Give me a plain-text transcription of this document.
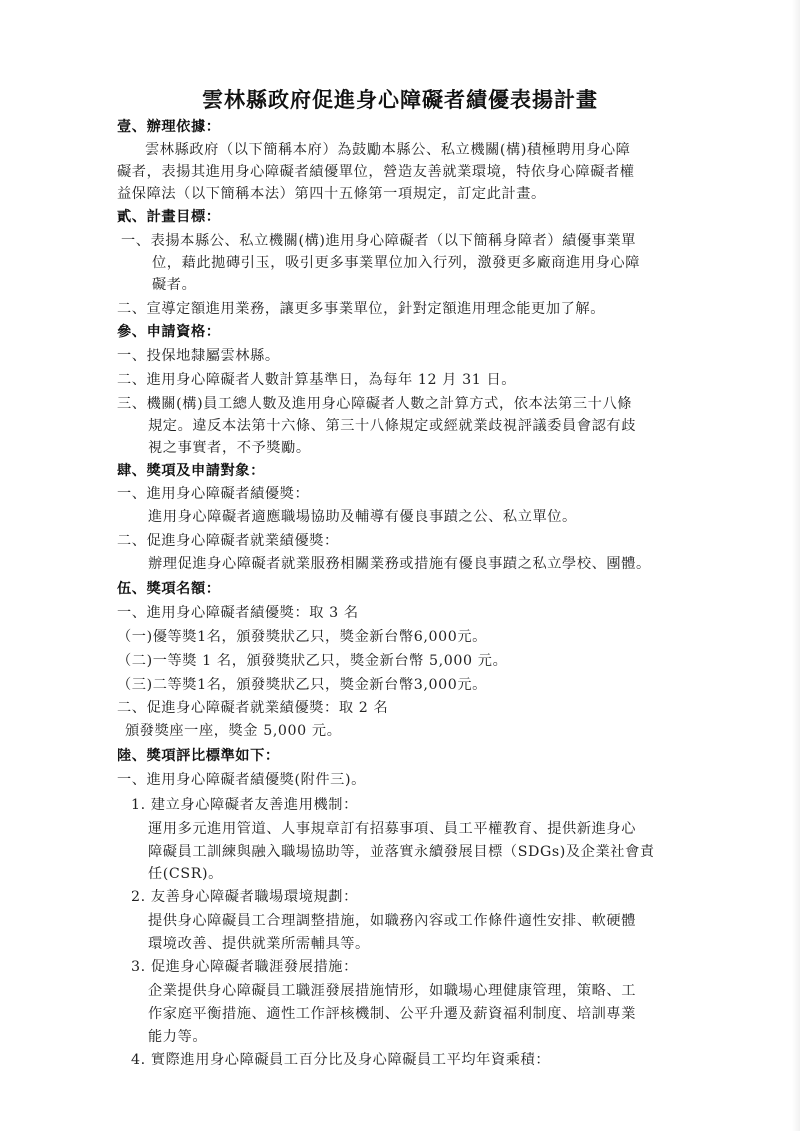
雲林縣政府促進身心障礙者績優表揚計畫
壹、辦理依據：
雲林縣政府（以下簡稱本府）為鼓勵本縣公、私立機關(構)積極聘用身心障
礙者，表揚其進用身心障礙者績優單位，營造友善就業環境，特依身心障礙者權
益保障法（以下簡稱本法）第四十五條第一項規定，訂定此計畫。
貳、計畫目標：
一、表揚本縣公、私立機關(構)進用身心障礙者（以下簡稱身障者）績優事業單
位，藉此拋磚引玉，吸引更多事業單位加入行列，激發更多廠商進用身心障
礙者。
二、宣導定額進用業務，讓更多事業單位，針對定額進用理念能更加了解。
參、申請資格：
一、投保地隸屬雲林縣。
二、進用身心障礙者人數計算基準日，為每年 12 月 31 日。
三、機關(構)員工總人數及進用身心障礙者人數之計算方式，依本法第三十八條
規定。違反本法第十六條、第三十八條規定或經就業歧視評議委員會認有歧
視之事實者，不予獎勵。
肆、獎項及申請對象：
一、進用身心障礙者績優獎：
進用身心障礙者適應職場協助及輔導有優良事蹟之公、私立單位。
二、促進身心障礙者就業績優獎：
辦理促進身心障礙者就業服務相關業務或措施有優良事蹟之私立學校、團體。
伍、獎項名額：
一、進用身心障礙者績優獎：取 3 名
（一)優等獎1名，頒發獎狀乙只，獎金新台幣6,000元。
（二)一等獎 1 名，頒發獎狀乙只，獎金新台幣 5,000 元。
（三)二等獎1名，頒發獎狀乙只，獎金新台幣3,000元。
二、促進身心障礙者就業績優獎：取 2 名
頒發獎座一座，獎金 5,000 元。
陸、獎項評比標準如下：
一、進用身心障礙者績優獎(附件三)。
1. 建立身心障礙者友善進用機制：
運用多元進用管道、人事規章訂有招募事項、員工平權教育、提供新進身心
障礙員工訓練與融入職場協助等，並落實永續發展目標（SDGs)及企業社會責
任(CSR)。
2. 友善身心障礙者職場環境規劃：
提供身心障礙員工合理調整措施，如職務內容或工作條件適性安排、軟硬體
環境改善、提供就業所需輔具等。
3. 促進身心障礙者職涯發展措施：
企業提供身心障礙員工職涯發展措施情形，如職場心理健康管理，策略、工
作家庭平衡措施、適性工作評核機制、公平升遷及薪資福利制度、培訓專業
能力等。
4. 實際進用身心障礙員工百分比及身心障礙員工平均年資乘積：
